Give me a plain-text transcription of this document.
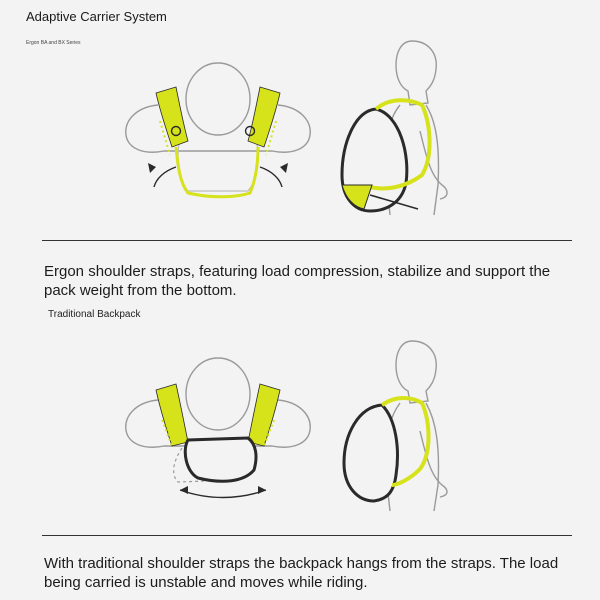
Adaptive Carrier System
Ergon BA and BX Series
Ergon shoulder straps, featuring load compression, stabilize and support the pack weight from the bottom.
Traditional Backpack
With traditional shoulder straps the backpack hangs from the straps. The load being carried is unstable and moves while riding.
